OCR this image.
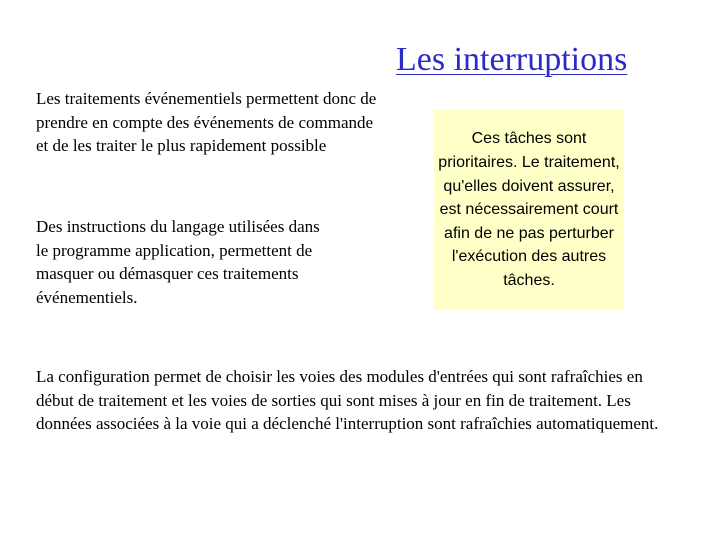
Les interruptions

Les traitements événementiels permettent donc de prendre en compte des événements de commande et de les traiter le plus rapidement possible

Des instructions du langage utilisées dans le programme application, permettent de masquer ou démasquer ces traitements événementiels.

Ces tâches sont prioritaires. Le traitement, qu'elles doivent assurer, est nécessairement court afin de ne pas perturber l'exécution des autres tâches.

La configuration permet de choisir les voies des modules d'entrées qui sont rafraîchies en début de traitement et les voies de sorties qui sont mises à jour en fin de traitement. Les données associées à la voie qui a déclenché l'interruption sont rafraîchies automatiquement.
